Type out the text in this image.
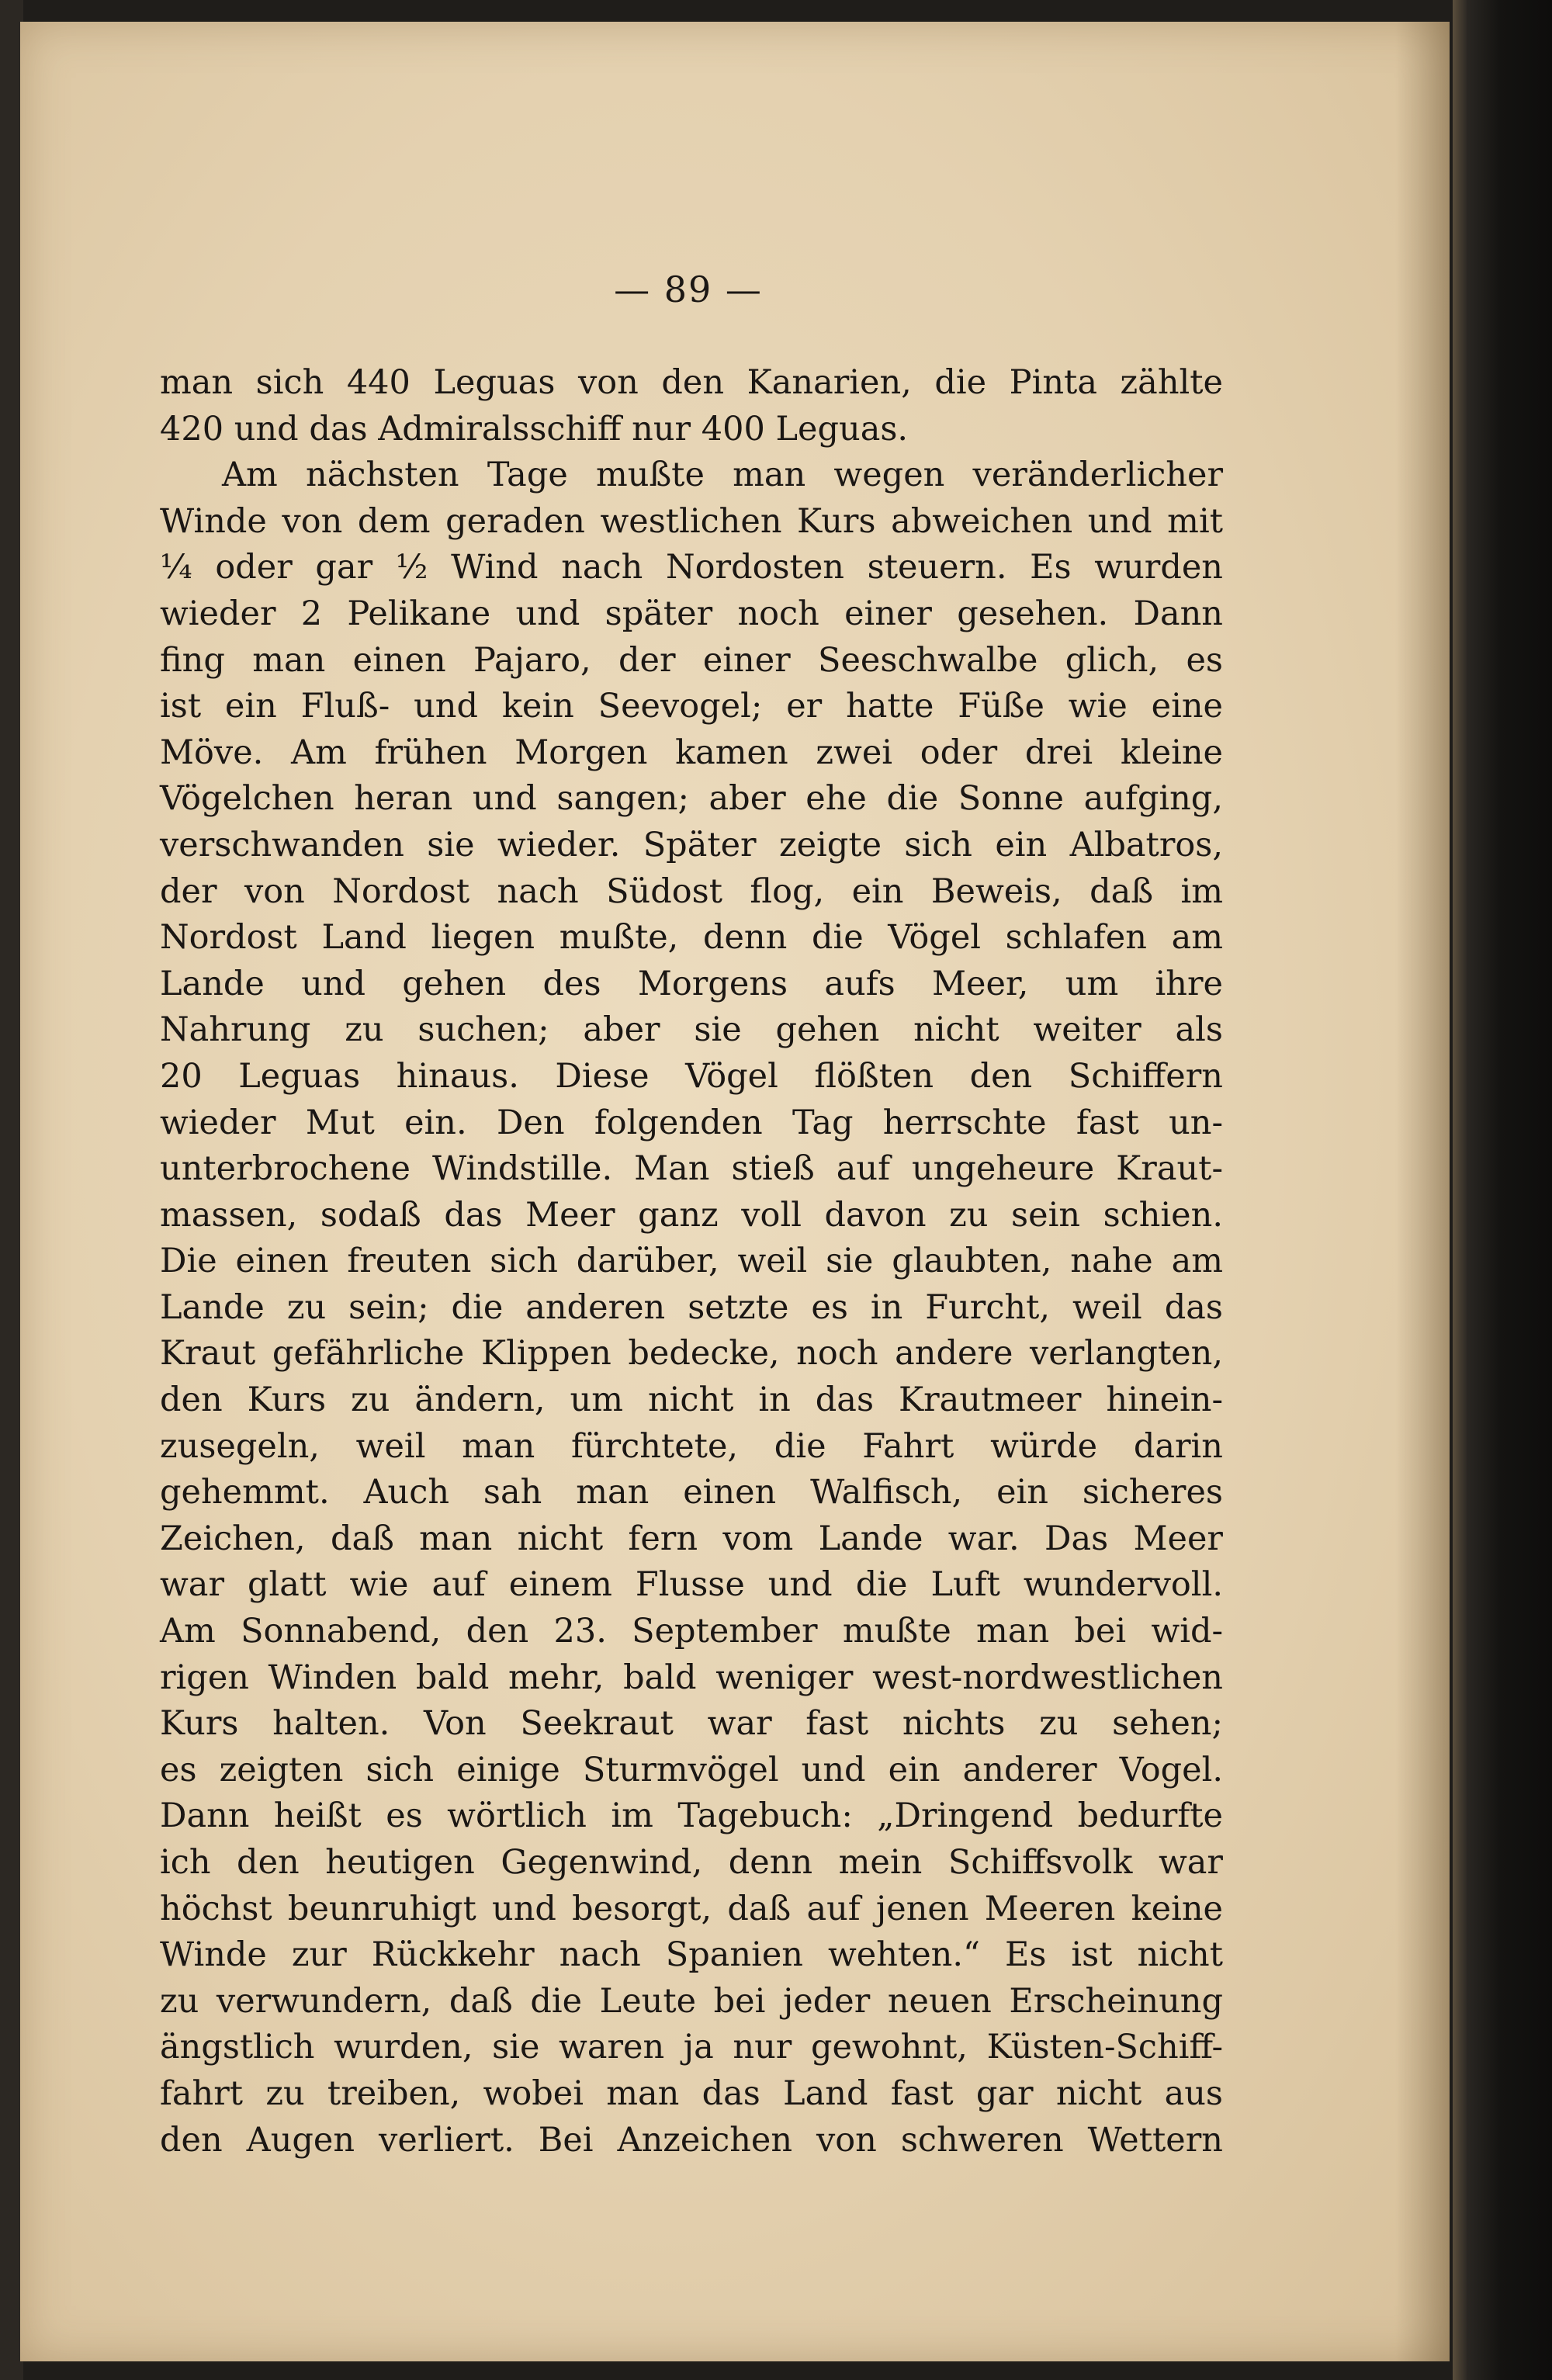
— 89 —
man sich 440 Leguas von den Kanarien, die Pinta zählte
420 und das Admiralsschiff nur 400 Leguas.
Am nächsten Tage mußte man wegen veränderlicher
Winde von dem geraden westlichen Kurs abweichen und mit
¼ oder gar ½ Wind nach Nordosten steuern. Es wurden
wieder 2 Pelikane und später noch einer gesehen. Dann
fing man einen Pajaro, der einer Seeschwalbe glich, es
ist ein Fluß- und kein Seevogel; er hatte Füße wie eine
Möve. Am frühen Morgen kamen zwei oder drei kleine
Vögelchen heran und sangen; aber ehe die Sonne aufging,
verschwanden sie wieder. Später zeigte sich ein Albatros,
der von Nordost nach Südost flog, ein Beweis, daß im
Nordost Land liegen mußte, denn die Vögel schlafen am
Lande und gehen des Morgens aufs Meer, um ihre
Nahrung zu suchen; aber sie gehen nicht weiter als
20 Leguas hinaus. Diese Vögel flößten den Schiffern
wieder Mut ein. Den folgenden Tag herrschte fast un-
unterbrochene Windstille. Man stieß auf ungeheure Kraut-
massen, sodaß das Meer ganz voll davon zu sein schien.
Die einen freuten sich darüber, weil sie glaubten, nahe am
Lande zu sein; die anderen setzte es in Furcht, weil das
Kraut gefährliche Klippen bedecke, noch andere verlangten,
den Kurs zu ändern, um nicht in das Krautmeer hinein-
zusegeln, weil man fürchtete, die Fahrt würde darin
gehemmt. Auch sah man einen Walfisch, ein sicheres
Zeichen, daß man nicht fern vom Lande war. Das Meer
war glatt wie auf einem Flusse und die Luft wundervoll.
Am Sonnabend, den 23. September mußte man bei wid-
rigen Winden bald mehr, bald weniger west-nordwestlichen
Kurs halten. Von Seekraut war fast nichts zu sehen;
es zeigten sich einige Sturmvögel und ein anderer Vogel.
Dann heißt es wörtlich im Tagebuch: „Dringend bedurfte
ich den heutigen Gegenwind, denn mein Schiffsvolk war
höchst beunruhigt und besorgt, daß auf jenen Meeren keine
Winde zur Rückkehr nach Spanien wehten.“ Es ist nicht
zu verwundern, daß die Leute bei jeder neuen Erscheinung
ängstlich wurden, sie waren ja nur gewohnt, Küsten-Schiff-
fahrt zu treiben, wobei man das Land fast gar nicht aus
den Augen verliert. Bei Anzeichen von schweren Wettern
